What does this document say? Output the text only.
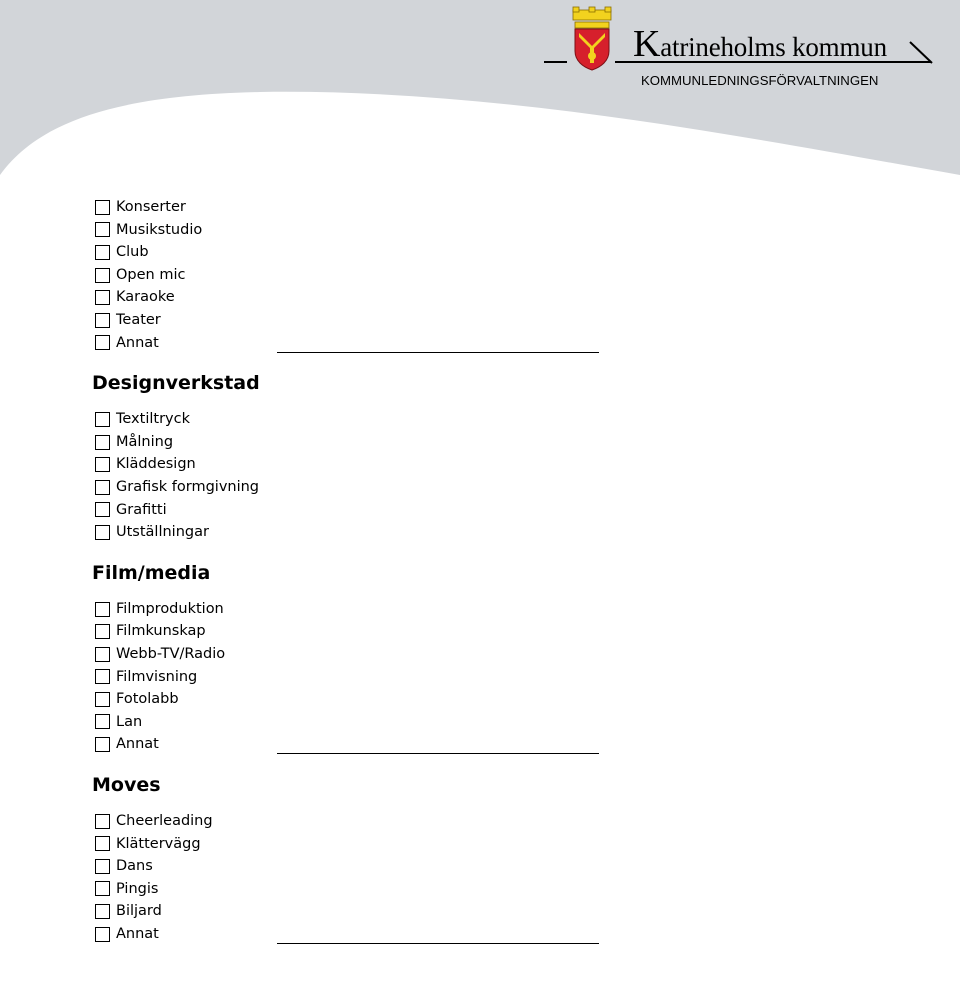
Katrineholms kommun
KOMMUNLEDNINGSFÖRVALTNINGEN
Konserter
Musikstudio
Club
Open mic
Karaoke
Teater
Annat
Designverkstad
Textiltryck
Målning
Kläddesign
Grafisk formgivning
Grafitti
Utställningar
Film/media
Filmproduktion
Filmkunskap
Webb-TV/Radio
Filmvisning
Fotolabb
Lan
Annat
Moves
Cheerleading
Klättervägg
Dans
Pingis
Biljard
Annat
